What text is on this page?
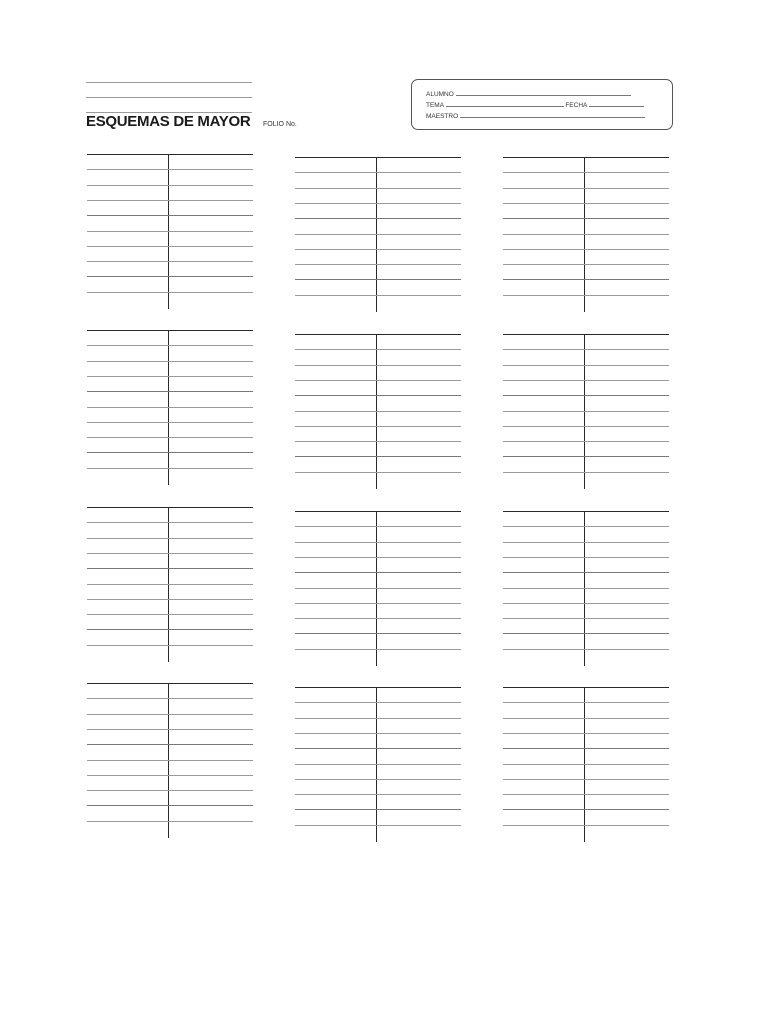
ESQUEMAS DE MAYOR FOLIO No.
ALUMNO
TEMA	FECHA
MAESTRO
